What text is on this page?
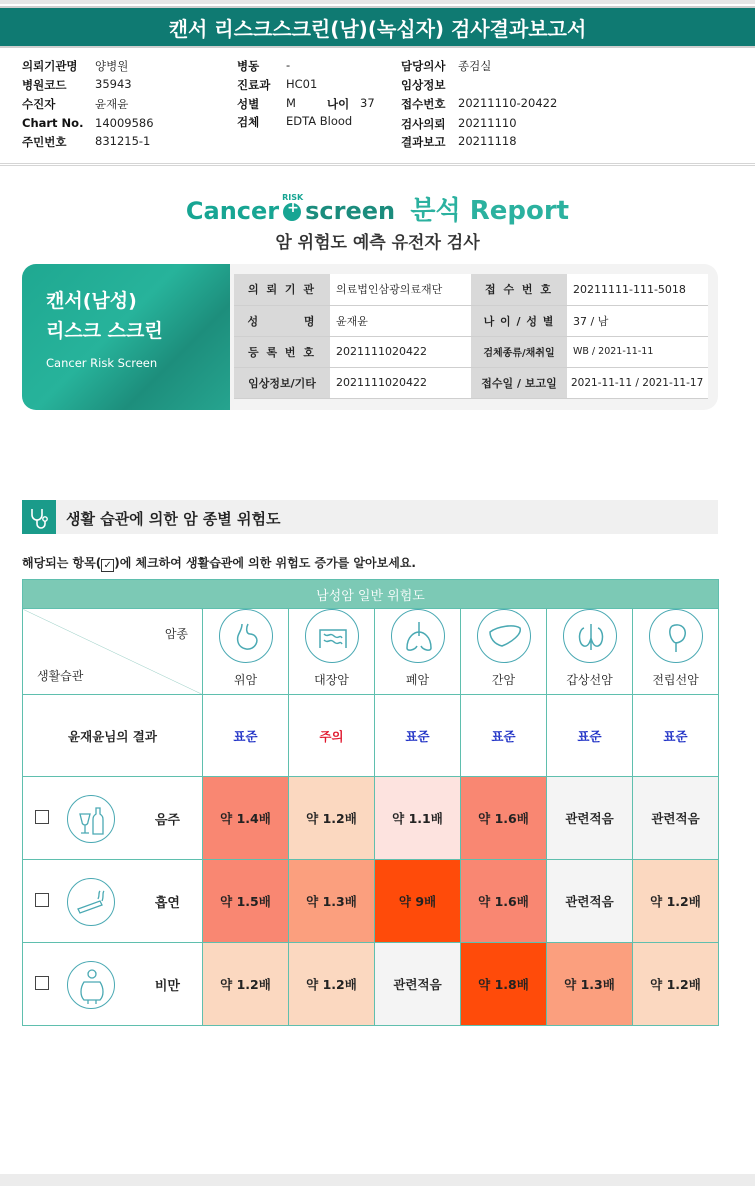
캔서 리스크스크린(남)(녹십자) 검사결과보고서
의뢰기관명 양병원
병원코드 35943
수진자	윤재윤
Chart No. 14009586
주민번호 831215-1
병동 -
진료과 HC01
성별 M	나이 37
검체 EDTA Blood
담당의사 종검실
임상정보
접수번호 20211110-20422
검사의뢰 20211110
결과보고 20211118
Cancer RISK
+ screen 분석 Report
암 위험도 예측 유전자 검사
캔서(남성)
리스크 스크린
Cancer Risk Screen
의 뢰 기 관	의료법인삼광의료재단	접 수 번 호	20211111-111-5018
성 명	윤재윤	나 이 / 성 별	37 / 남
등 록 번 호	2021111020422	검체종류/채취일	WB / 2021-11-11
임상정보/기타	2021111020422	접수일 / 보고일	2021-11-11 / 2021-11-17
생활 습관에 의한 암 종별 위험도
해당되는 항목( ✓ )에 체크하여 생활습관에 의한 위험도 증가를 알아보세요.
남성암 일반 위험도						

암종
생활습관	위암	대장암	폐암	간암	갑상선암	전립선암
윤재윤님의 결과	표준	주의	표준	표준	표준	표준

음주	약 1.4배	약 1.2배	약 1.1배	약 1.6배	관련적음	관련적음

흡연	약 1.5배	약 1.3배	약 9배	약 1.6배	관련적음	약 1.2배

비만	약 1.2배	약 1.2배	관련적음	약 1.8배	약 1.3배	약 1.2배
